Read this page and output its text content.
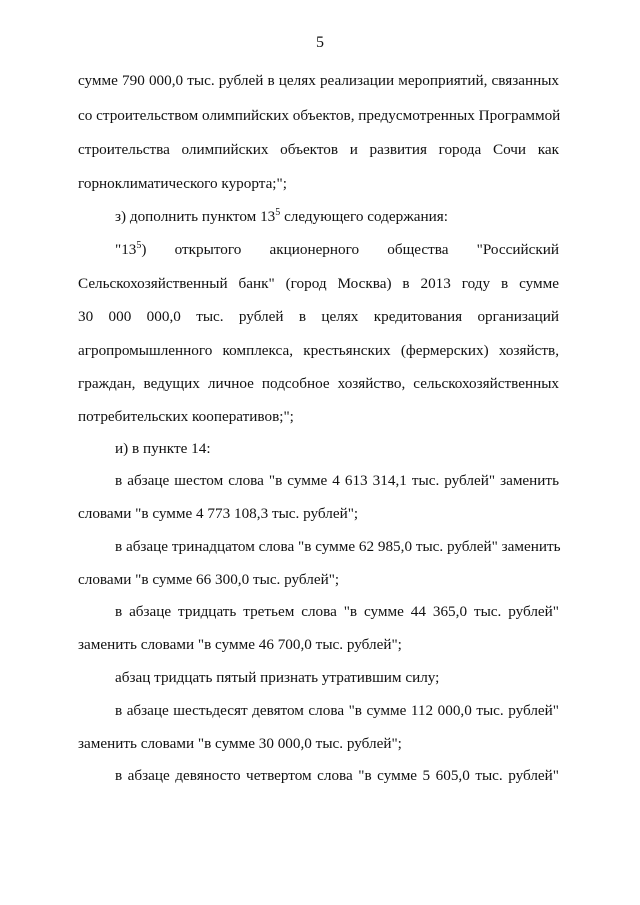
5
сумме 790 000,0 тыс. рублей в целях реализации мероприятий, связанных
со строительством олимпийских объектов, предусмотренных Программой
строительства олимпийских объектов и развития города Сочи как
горноклиматического курорта;";
з) дополнить пунктом $13^5$ следующего содержания:
"$13^5$) открытого акционерного общества "Российский
Сельскохозяйственный банк" (город Москва) в 2013 году в сумме
30 000 000,0 тыс. рублей в целях кредитования организаций
агропромышленного комплекса, крестьянских (фермерских) хозяйств,
граждан, ведущих личное подсобное хозяйство, сельскохозяйственных
потребительских кооперативов;";
и) в пункте 14:
в абзаце шестом слова "в сумме 4 613 314,1 тыс. рублей" заменить
словами "в сумме 4 773 108,3 тыс. рублей";
в абзаце тринадцатом слова "в сумме 62 985,0 тыс. рублей" заменить
словами "в сумме 66 300,0 тыс. рублей";
в абзаце тридцать третьем слова "в сумме 44 365,0 тыс. рублей"
заменить словами "в сумме 46 700,0 тыс. рублей";
абзац тридцать пятый признать утратившим силу;
в абзаце шестьдесят девятом слова "в сумме 112 000,0 тыс. рублей"
заменить словами "в сумме 30 000,0 тыс. рублей";
в абзаце девяносто четвертом слова "в сумме 5 605,0 тыс. рублей"
